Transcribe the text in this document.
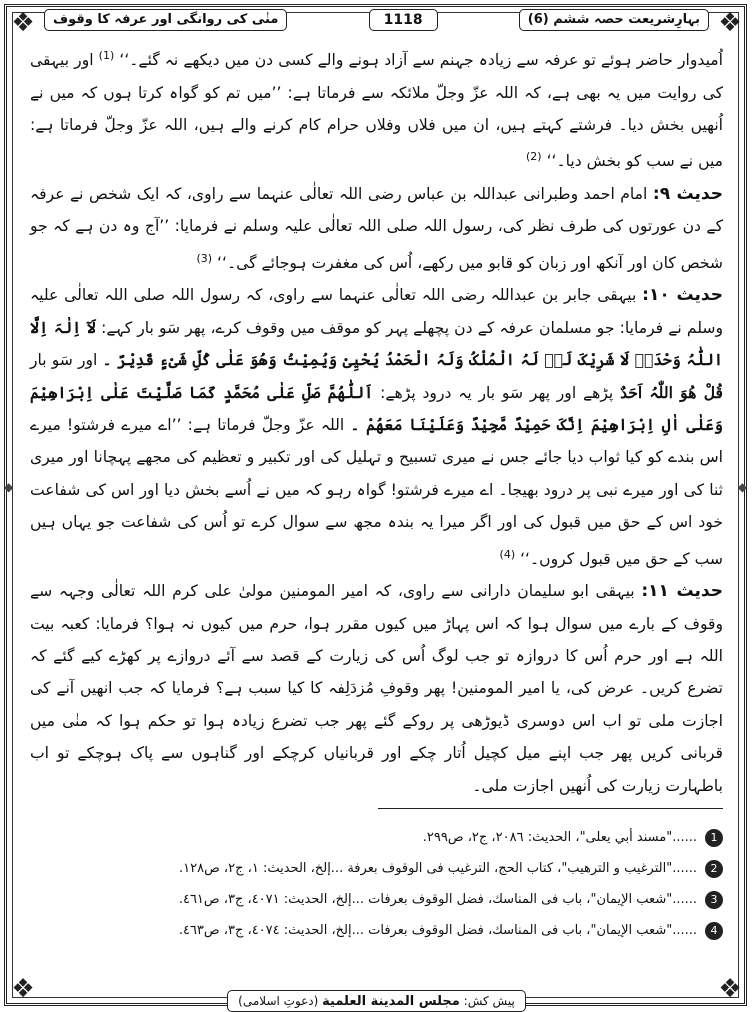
❖	❖
❖	❖
◆	◆
منٰی کی روانگی اور عرفہ کا وقوف	1118	بہارِشریعت حصہ ششم (6)

اُمیدوار حاضر ہوئے تو عرفہ سے زیادہ جہنم سے آزاد ہونے والے کسی دن میں دیکھے نہ گئے۔‘‘ $^{(1)}$ اور بیہقی کی روایت میں یہ بھی ہے، کہ اللہ عزّ وجلّ ملائکہ سے فرماتا ہے: ’’میں تم کو گواہ کرتا ہوں کہ میں نے اُنھیں بخش دیا۔ فرشتے کہتے ہیں، ان میں فلاں وفلاں حرام کام کرنے والے ہیں، اللہ عزّ وجلّ فرماتا ہے: میں نے سب کو بخش دیا۔‘‘ $^{(2)}$

حدیث ۹: امام احمد وطبرانی عبداللہ بن عباس رضی اللہ تعالٰی عنہما سے راوی، کہ ایک شخص نے عرفہ کے دن عورتوں کی طرف نظر کی، رسول اللہ صلی اللہ تعالٰی علیہ وسلم نے فرمایا: ’’آج وہ دن ہے کہ جو شخص کان اور آنکھ اور زبان کو قابو میں رکھے، اُس کی مغفرت ہوجائے گی۔‘‘ $^{(3)}$

حدیث ۱۰: بیہقی جابر بن عبداللہ رضی اللہ تعالٰی عنہما سے راوی، کہ رسول اللہ صلی اللہ تعالٰی علیہ وسلم نے فرمایا: جو مسلمان عرفہ کے دن پچھلے پہر کو موقف میں وقوف کرے، پھر سَو بار کہے: لَآ اِلٰہَ اِلَّا اللّٰہُ وَحْدَہٗ لَا شَرِیْکَ لَہٗ لَہُ الْمُلْکُ وَلَہُ الْحَمْدُ یُحْیِیْ وَیُمِیْتُ وَھُوَ عَلٰی کُلِّ شَیْءٍ قَدِیْرٌ ۔ اور سَو بار قُلْ ھُوَ اللّٰہُ اَحَدٌ پڑھے اور پھر سَو بار یہ درود پڑھے: اَللّٰھُمَّ صَلِّ عَلٰی مُحَمَّدٍ کَمَا صَلَّیْتَ عَلٰی اِبْرَاھِیْمَ وَعَلٰی اٰلِ اِبْرَاھِیْمَ اِنَّکَ حَمِیْدٌ مَّجِیْدٌ وَعَلَیْنَا مَعَھُمْ ۔ اللہ عزّ وجلّ فرماتا ہے: ’’اے میرے فرشتو! میرے اس بندے کو کیا ثواب دیا جائے جس نے میری تسبیح و تہلیل کی اور تکبیر و تعظیم کی مجھے پہچانا اور میری ثنا کی اور میرے نبی پر درود بھیجا۔ اے میرے فرشتو! گواہ رہو کہ میں نے اُسے بخش دیا اور اس کی شفاعت خود اس کے حق میں قبول کی اور اگر میرا یہ بندہ مجھ سے سوال کرے تو اُس کی شفاعت جو یہاں ہیں سب کے حق میں قبول کروں۔‘‘ $^{(4)}$

حدیث ۱۱: بیہقی ابو سلیمان دارانی سے راوی، کہ امیر المومنین مولیٰ علی کرم اللہ تعالٰی وجہہ سے وقوف کے بارے میں سوال ہوا کہ اس پہاڑ میں کیوں مقرر ہوا، حرم میں کیوں نہ ہوا؟ فرمایا: کعبہ بیت اللہ ہے اور حرم اُس کا دروازہ تو جب لوگ اُس کی زیارت کے قصد سے آئے دروازے پر کھڑے کیے گئے کہ تضرع کریں۔ عرض کی، یا امیر المومنین! پھر وقوفِ مُزدَلِفہ کا کیا سبب ہے؟ فرمایا کہ جب انھیں آنے کی اجازت ملی تو اب اس دوسری ڈیوڑھی پر روکے گئے پھر جب تضرع زیادہ ہوا تو حکم ہوا کہ منٰی میں قربانی کریں پھر جب اپنے میل کچیل اُتار چکے اور قربانیاں کرچکے اور گناہوں سے پاک ہوچکے تو اب باطہارت زیارت کی اُنھیں اجازت ملی۔

1
......"مسند أبي يعلى"، الحديث: ٢٠٨٦، ج٢، ص٢٩٩.
2
......"الترغيب و الترهيب"، كتاب الحج، الترغيب فى الوقوف بعرفة ...إلخ، الحديث: ١، ج٢، ص١٢٨.
3
......"شعب الإيمان"، باب فى المناسك، فضل الوقوف بعرفات ...إلخ، الحديث: ٤٠٧١، ج٣، ص٤٦١.
4
......"شعب الإيمان"، باب فى المناسك، فضل الوقوف بعرفات ...إلخ، الحديث: ٤٠٧٤، ج٣، ص٤٦٣.
پیش کش: مجلس المدينة العلمية (دعوتِ اسلامی)
